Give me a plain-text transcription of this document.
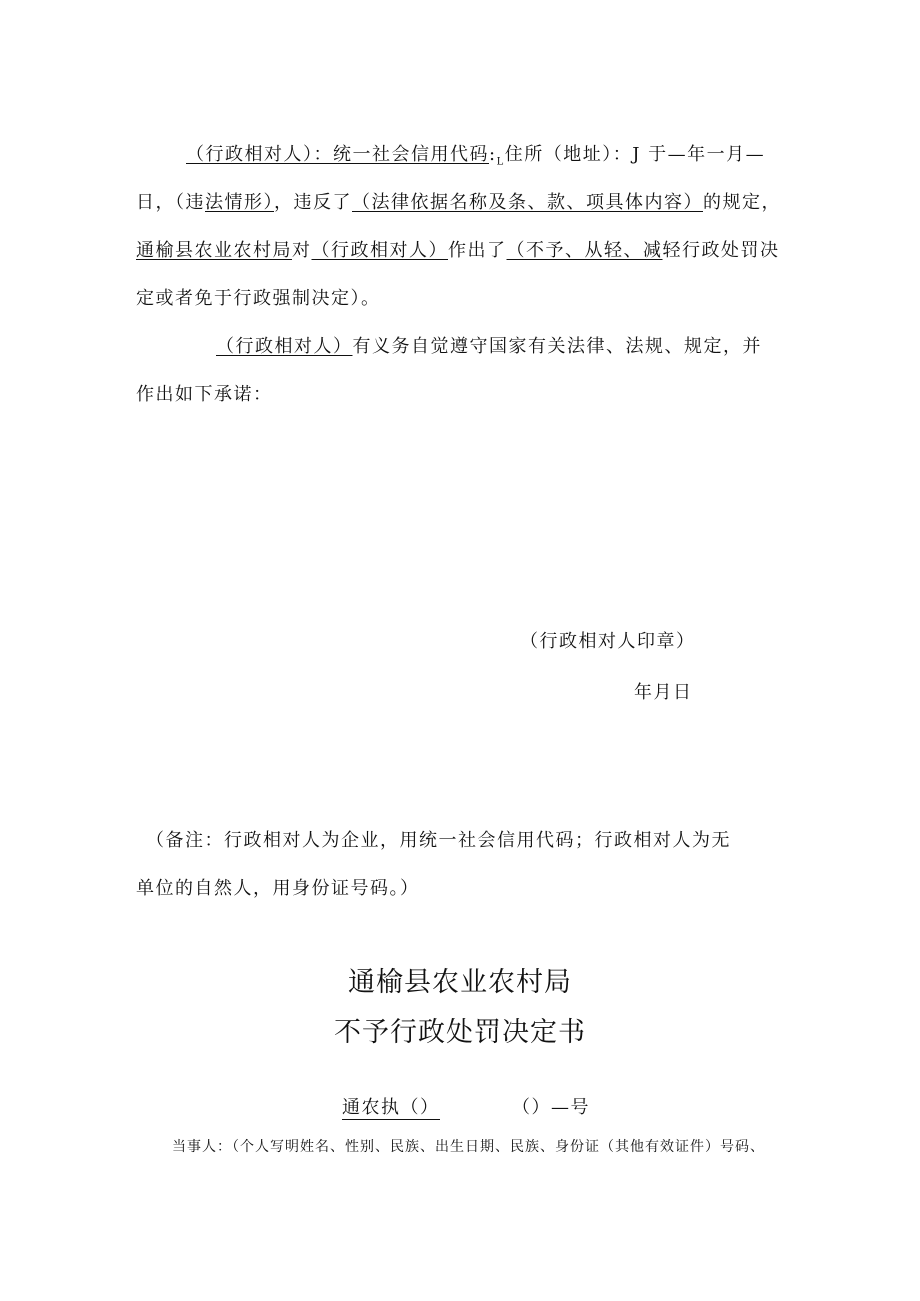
（行政相对人）：统一社会信用代码$:_L$住所（地址）：J 于—年一月—
日，（违法情形），违反了（法律依据名称及条、款、项具体内容）的规定，
通榆县农业农村局对（行政相对人）作出了（不予、从轻、减轻行政处罚决
定或者免于行政强制决定）。
（行政相对人）有义务自觉遵守国家有关法律、法规、规定，并
作出如下承诺：
（行政相对人印章）
年月日
（备注：行政相对人为企业，用统一社会信用代码；行政相对人为无
单位的自然人，用身份证号码。）
通榆县农业农村局
不予行政处罚决定书
通农执（）	（）—号
当事人：（个人写明姓名、性别、民族、出生日期、民族、身份证（其他有效证件）号码、
